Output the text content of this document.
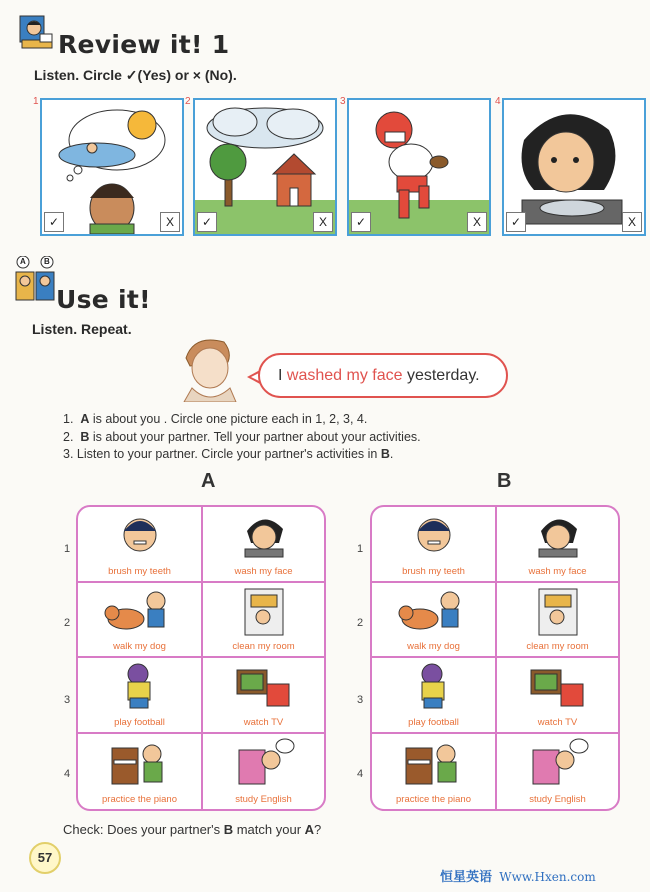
Review it! 1
Listen. Circle ✓(Yes) or × (No).
1
✓	X
2
✓	X
3
✓	X
4
✓	X
A B
Use it!
Listen. Repeat.
I washed my face yesterday.
1. A is about you . Circle one picture each in 1, 2, 3, 4.
2. B is about your partner. Tell your partner about your activities.
3. Listen to your partner. Circle your partner's activities in B.
A	B
1
2
3
4
1
2
3
4
brush my teeth	wash my face
walk my dog	clean my room
play football	watch TV
practice the piano	study English
brush my teeth	wash my face
walk my dog	clean my room
play football	watch TV
practice the piano	study English
Check: Does your partner's B match your A?
57
恒星英语 Www.Hxen.com
